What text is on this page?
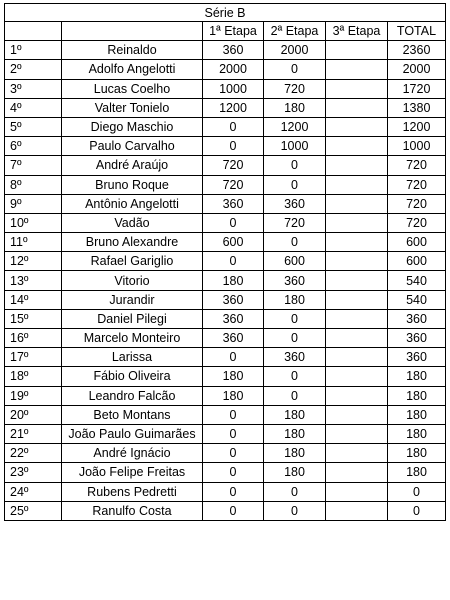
Série B					
		1ª Etapa	2ª Etapa	3ª Etapa	TOTAL
1º	Reinaldo	360	2000		2360
2º	Adolfo Angelotti	2000	0		2000
3º	Lucas Coelho	1000	720		1720
4º	Valter Tonielo	1200	180		1380
5º	Diego Maschio	0	1200		1200
6º	Paulo Carvalho	0	1000		1000
7º	André Araújo	720	0		720
8º	Bruno Roque	720	0		720
9º	Antônio Angelotti	360	360		720
10º	Vadão	0	720		720
11º	Bruno Alexandre	600	0		600
12º	Rafael Gariglio	0	600		600
13º	Vitorio	180	360		540
14º	Jurandir	360	180		540
15º	Daniel Pilegi	360	0		360
16º	Marcelo Monteiro	360	0		360
17º	Larissa	0	360		360
18º	Fábio Oliveira	180	0		180
19º	Leandro Falcão	180	0		180
20º	Beto Montans	0	180		180
21º	João Paulo Guimarães	0	180		180
22º	André Ignácio	0	180		180
23º	João Felipe Freitas	0	180		180
24º	Rubens Pedretti	0	0		0
25º	Ranulfo Costa	0	0		0
